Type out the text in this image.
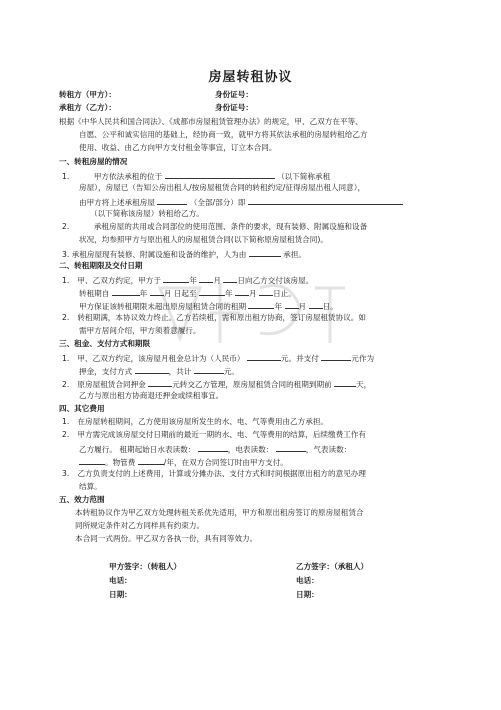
房屋转租协议
转租方（甲方）：	身份证号：
承租方（乙方）：	身份证号：
根据《中华人民共和国合同法》、《成都市房屋租赁管理办法》的规定，甲、乙双方在平等、
自愿、公平和诚实信用的基础上，经协商一致，就甲方将其依法承租的房屋转租给乙方
使用、收益、由乙方向甲方支付租金等事宜，订立本合同。
一、转租房屋的情况
1.	甲方依法承租的位于	（以下简称承租
房屋），房屋已（告知公房出租人/按房屋租赁合同的转租约定/征得房屋出租人同意），
由甲方将上述承租房屋	（全部/部分）即
（以下简称该房屋）转租给乙方。
2.	承租房屋的共用或合同部位的使用范围、条件的要求，现有装修、附属设施和设备
状况，均参照甲方与原出租人的房屋租赁合同(以下简称原房屋租赁合同)。
3. 承租房屋现有装修、附属设施和设备的维护，人为由	承担。
二、转租期限及交付日期
1. 甲、乙双方约定，甲方于	年 月 日向乙方交付该房屋。
转租期自	年 月 日起至	年 月 日止。
甲方保证该转租期限未超出原房屋租赁合同的租期	年 月 日。
2. 转租期满，本协议效力终止。乙方若续租，需和原出租方协商，签订房屋租赁协议。如
需甲方居间介绍，甲方须着意履行。
三、租金、支付方式和期限
1. 甲、乙双方约定，该房屋月租金总计为（人民币）	元。并支付	元作为
押金，支付方式	，共计	元。
2. 原房屋租赁合同押金	元转交乙方管理，原房屋租赁合同的租期到期前	天，
乙方与原出租方协商退还押金或续租事宜。
四、其它费用
1. 在房屋转租期间，乙方使用该房屋所发生的水、电、气等费用由乙方承担。
2. 甲方需完成该房屋交付日期前的最近一期的水、电、气等费用的结算，后续缴费工作有
乙方履行。 租期起始日水表读数：	，电表读数：	，气表读数：
。物管费	/年，在双方合同签订时由甲方支付。
3. 乙方负责支付的上述费用，计算或分摊办法、支付方式和时间根据原出租方的意见办理
结算。
五、效力范围
本转租协议作为甲乙双方处理转租关系优先适用，甲方和原出租房签订的原房屋租赁合
同所规定条件对乙方同样具有约束力。
本合同一式两份。甲乙双方各执一份，具有同等效力。
甲方签字：（转租人）	乙方签字：（承租人）
电话：	电话：
日期：	日期：
